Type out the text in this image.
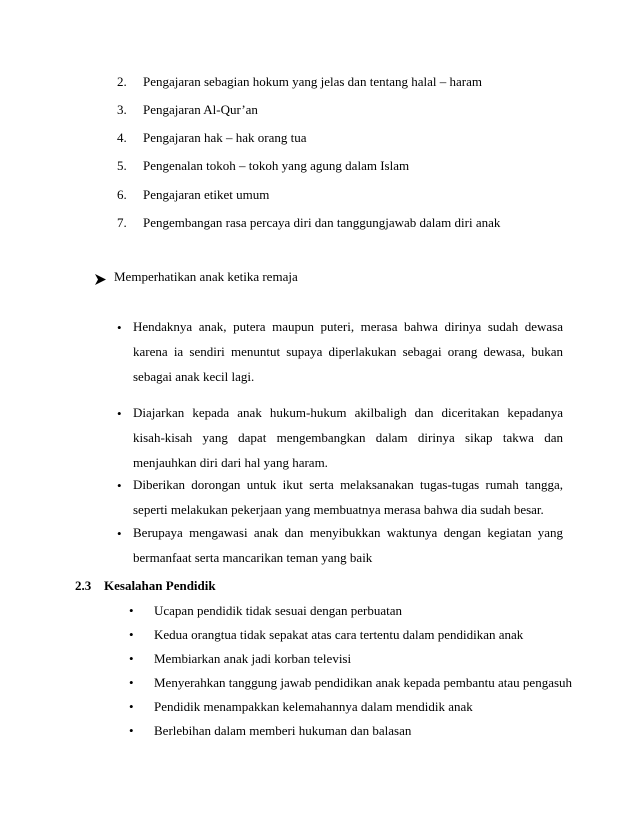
2.	Pengajaran sebagian hokum yang jelas dan tentang halal – haram
3.	Pengajaran Al-Qur’an
4.	Pengajaran hak – hak orang tua
5.	Pengenalan tokoh – tokoh yang agung dalam Islam
6.	Pengajaran etiket umum
7.	Pengembangan rasa percaya diri dan tanggungjawab dalam diri anak
Memperhatikan anak ketika remaja
• Hendaknya anak, putera maupun puteri, merasa bahwa dirinya sudah dewasa karena ia sendiri menuntut supaya diperlakukan sebagai orang dewasa, bukan sebagai anak kecil lagi.
• Diajarkan kepada anak hukum-hukum akilbaligh dan diceritakan kepadanya kisah-kisah yang dapat mengembangkan dalam dirinya sikap takwa dan menjauhkan diri dari hal yang haram.
• Diberikan dorongan untuk ikut serta melaksanakan tugas-tugas rumah tangga, seperti melakukan pekerjaan yang membuatnya merasa bahwa dia sudah besar.
• Berupaya mengawasi anak dan menyibukkan waktunya dengan kegiatan yang bermanfaat serta mancarikan teman yang baik
2.3 Kesalahan Pendidik
• Ucapan pendidik tidak sesuai dengan perbuatan
• Kedua orangtua tidak sepakat atas cara tertentu dalam pendidikan anak
• Membiarkan anak jadi korban televisi
• Menyerahkan tanggung jawab pendidikan anak kepada pembantu atau pengasuh
• Pendidik menampakkan kelemahannya dalam mendidik anak
• Berlebihan dalam memberi hukuman dan balasan
